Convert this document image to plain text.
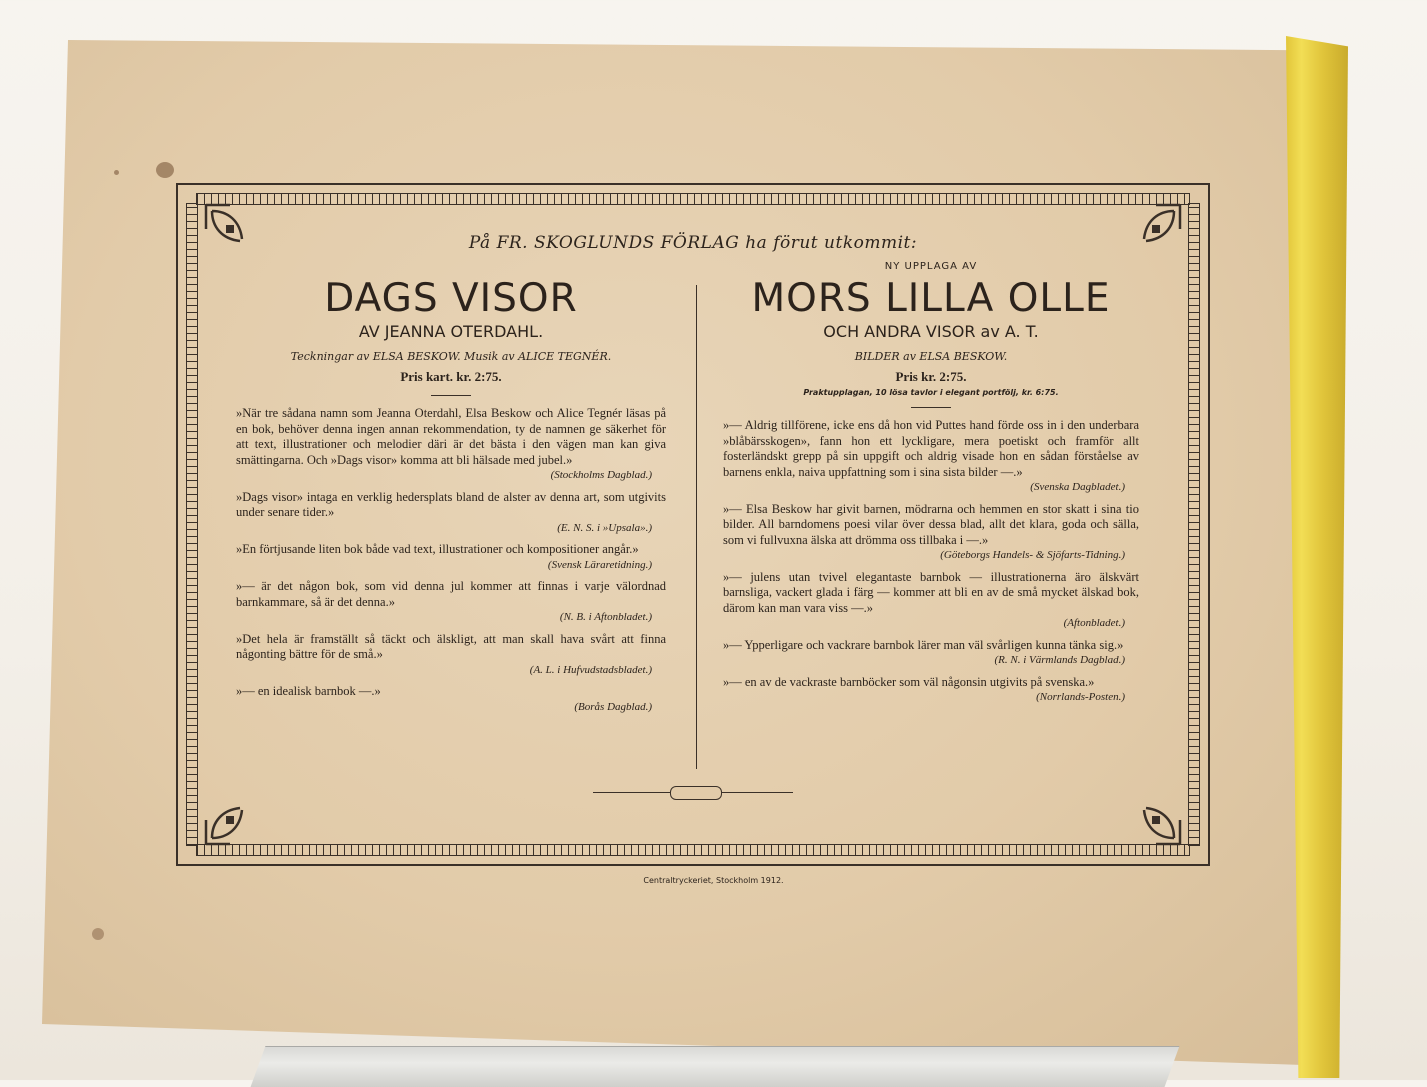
På FR. SKOGLUNDS FÖRLAG ha förut utkommit:
DAGS VISOR
AV JEANNA OTERDAHL.
Teckningar av ELSA BESKOW. Musik av ALICE TEGNÉR.
Pris kart. kr. 2:75.
»När tre sådana namn som Jeanna Oterdahl, Elsa Beskow och Alice Tegnér läsas på en bok, behöver denna ingen annan rekommendation, ty de namnen ge säkerhet för att text, illustrationer och melodier däri är det bästa i den vägen man kan giva smättingarna. Och »Dags visor» komma att bli hälsade med jubel.»
(Stockholms Dagblad.)
»Dags visor» intaga en verklig hedersplats bland de alster av denna art, som utgivits under senare tider.»
(E. N. S. i »Upsala».)
»En förtjusande liten bok både vad text, illustrationer och kompositioner angår.»
(Svensk Läraretidning.)
»— är det någon bok, som vid denna jul kommer att finnas i varje välordnad barnkammare, så är det denna.»
(N. B. i Aftonbladet.)
»Det hela är framställt så täckt och älskligt, att man skall hava svårt att finna någonting bättre för de små.»
(A. L. i Hufvudstadsbladet.)
»— en idealisk barnbok —.»
(Borås Dagblad.)
NY UPPLAGA AV
MORS LILLA OLLE
OCH ANDRA VISOR av A. T.
BILDER av ELSA BESKOW.
Pris kr. 2:75.
Praktupplagan, 10 lösa tavlor i elegant portfölj, kr. 6:75.
»— Aldrig tillförene, icke ens då hon vid Puttes hand förde oss in i den underbara »blåbärsskogen», fann hon ett lyckligare, mera poetiskt och framför allt fosterländskt grepp på sin uppgift och aldrig visade hon en sådan förståelse av barnens enkla, naiva uppfattning som i sina sista bilder —.»
(Svenska Dagbladet.)
»— Elsa Beskow har givit barnen, mödrarna och hemmen en stor skatt i sina tio bilder. All barndomens poesi vilar över dessa blad, allt det klara, goda och sälla, som vi fullvuxna älska att drömma oss tillbaka i —.»
(Göteborgs Handels- & Sjöfarts-Tidning.)
»— julens utan tvivel elegantaste barnbok — illustrationerna äro älskvärt barnsliga, vackert glada i färg — kommer att bli en av de små mycket älskad bok, därom kan man vara viss —.»
(Aftonbladet.)
»— Ypperligare och vackrare barnbok lärer man väl svårligen kunna tänka sig.»
(R. N. i Värmlands Dagblad.)
»— en av de vackraste barnböcker som väl någonsin utgivits på svenska.»
(Norrlands-Posten.)
Centraltryckeriet, Stockholm 1912.
